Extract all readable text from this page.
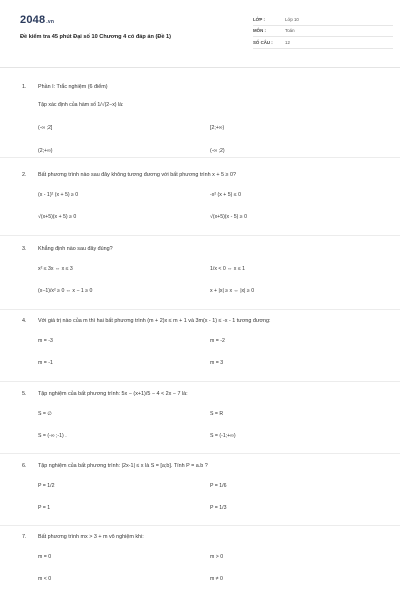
2048.vn
Đề kiểm tra 45 phút Đại số 10 Chương 4 có đáp án (Đề 1)
LỚP :	Lớp 10
MÔN :	Toán
SỐ CÂU :	12
1. Phần I: Trắc nghiệm (6 điểm)
Tập xác định của hàm số 1/√(2−x) là:
(-∞ ;2]	[2;+∞)
(2;+∞)	(-∞ ;2)
2. Bất phương trình nào sau đây không tương đương với bất phương trình x + 5 ≥ 0?
(x - 1)² (x + 5) ≥ 0	-x² (x + 5) ≤ 0
√(x+5)(x + 5) ≥ 0	√(x+5)(x - 5) ≥ 0
3. Khẳng định nào sau đây đúng?
x² ≤ 3x ⇔ x ≤ 3	1/x < 0 ⇔ x ≤ 1
(x−1)/x² ≥ 0 ⇔ x − 1 ≥ 0	x + |x| ≥ x ⇔ |x| ≥ 0
4. Với giá trị nào của m thì hai bất phương trình (m + 2)x ≤ m + 1 và 3m(x - 1) ≤ -x - 1 tương đương:
m = -3	m = -2
m = -1	m = 3
5. Tập nghiệm của bất phương trình: 5x − (x+1)/5 − 4 < 2x − 7 là:
S = ∅	S = R
S = (-∞ ;-1) .	S = (-1;+∞)
6. Tập nghiệm của bất phương trình: |2x-1| ≤ x là S = [a;b]. Tính P = a.b ?
P = 1/2	P = 1/6
P = 1	P = 1/3
7. Bất phương trình mx > 3 + m vô nghiệm khi:
m = 0	m > 0
m < 0	m ≠ 0
